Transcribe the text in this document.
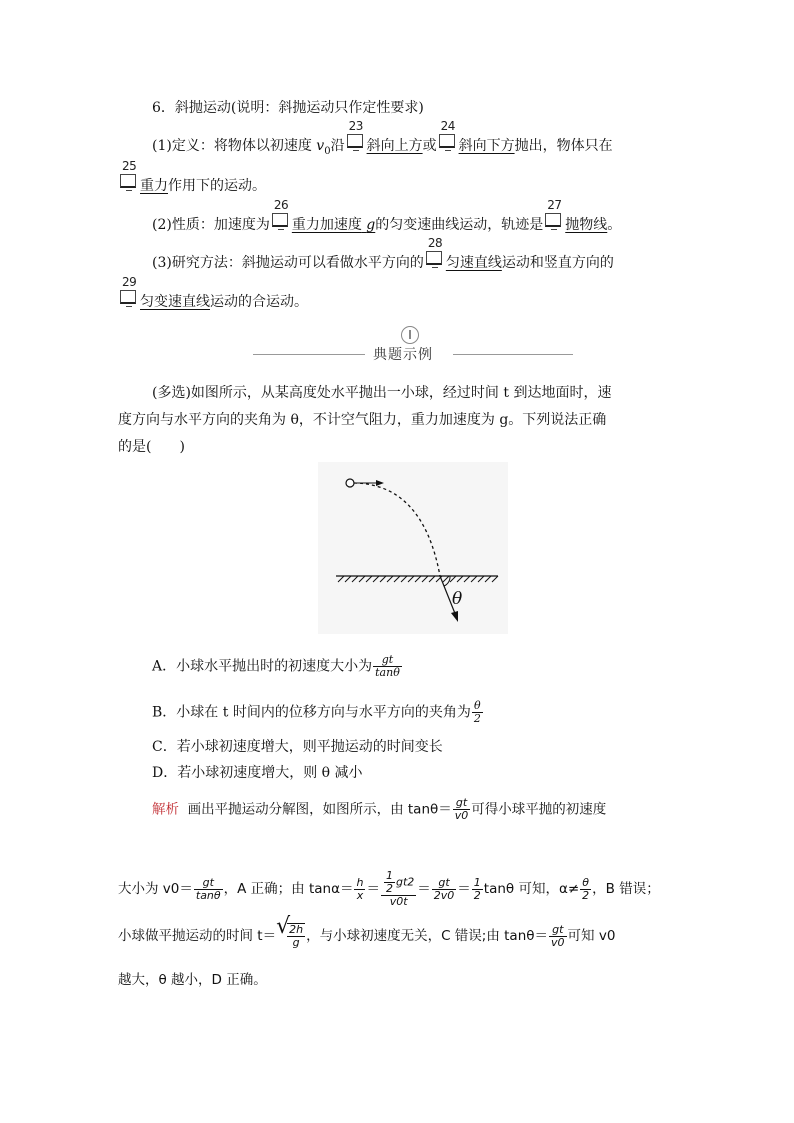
6．斜抛运动(说明：斜抛运动只作定性要求)
(1)定义：将物体以初速度 $v_0$沿
23
斜向上方或
24
斜向下方抛出，物体只在
25
重力作用下的运动。
(2)性质：加速度为
26
重力加速度 g的匀变速曲线运动，轨迹是
27
抛物线。
(3)研究方法：斜抛运动可以看做水平方向的
28
匀速直线运动和竖直方向的
29
匀变速直线运动的合运动。
典题示例
(多选)如图所示，从某高度处水平抛出一小球，经过时间 t 到达地面时，速
度方向与水平方向的夹角为 θ，不计空气阻力，重力加速度为 g。下列说法正确
的是(　　)
θ
A．小球水平抛出时的初速度大小为 $\frac{gt}{\tan\theta}$
B．小球在 t 时间内的位移方向与水平方向的夹角为 $\frac{\theta}{2}$
C．若小球初速度增大，则平抛运动的时间变长
D．若小球初速度增大，则 θ 减小
解析 画出平抛运动分解图，如图所示，由 $\tan\theta= \frac{gt}{v0}$ 可得小球平抛的初速度
大小为 $v0= \frac{gt}{\tan\theta}$ ，A 正确；由 $\tan\alpha= \frac{h}{x} = \frac{\frac{1}{2} gt2}{v0t} = \frac{gt}{2v0} = \frac{1}{2}$ tanθ 可知，$\alpha\ne \frac{\theta}{2}$ ，B 错误；
小球做平抛运动的时间 t＝
√ $\frac{2h}{g}$ ，与小球初速度无关，C 错误;由 $\tan\theta= \frac{gt}{v0}$ 可知 v0
越大，θ 越小，D 正确。
